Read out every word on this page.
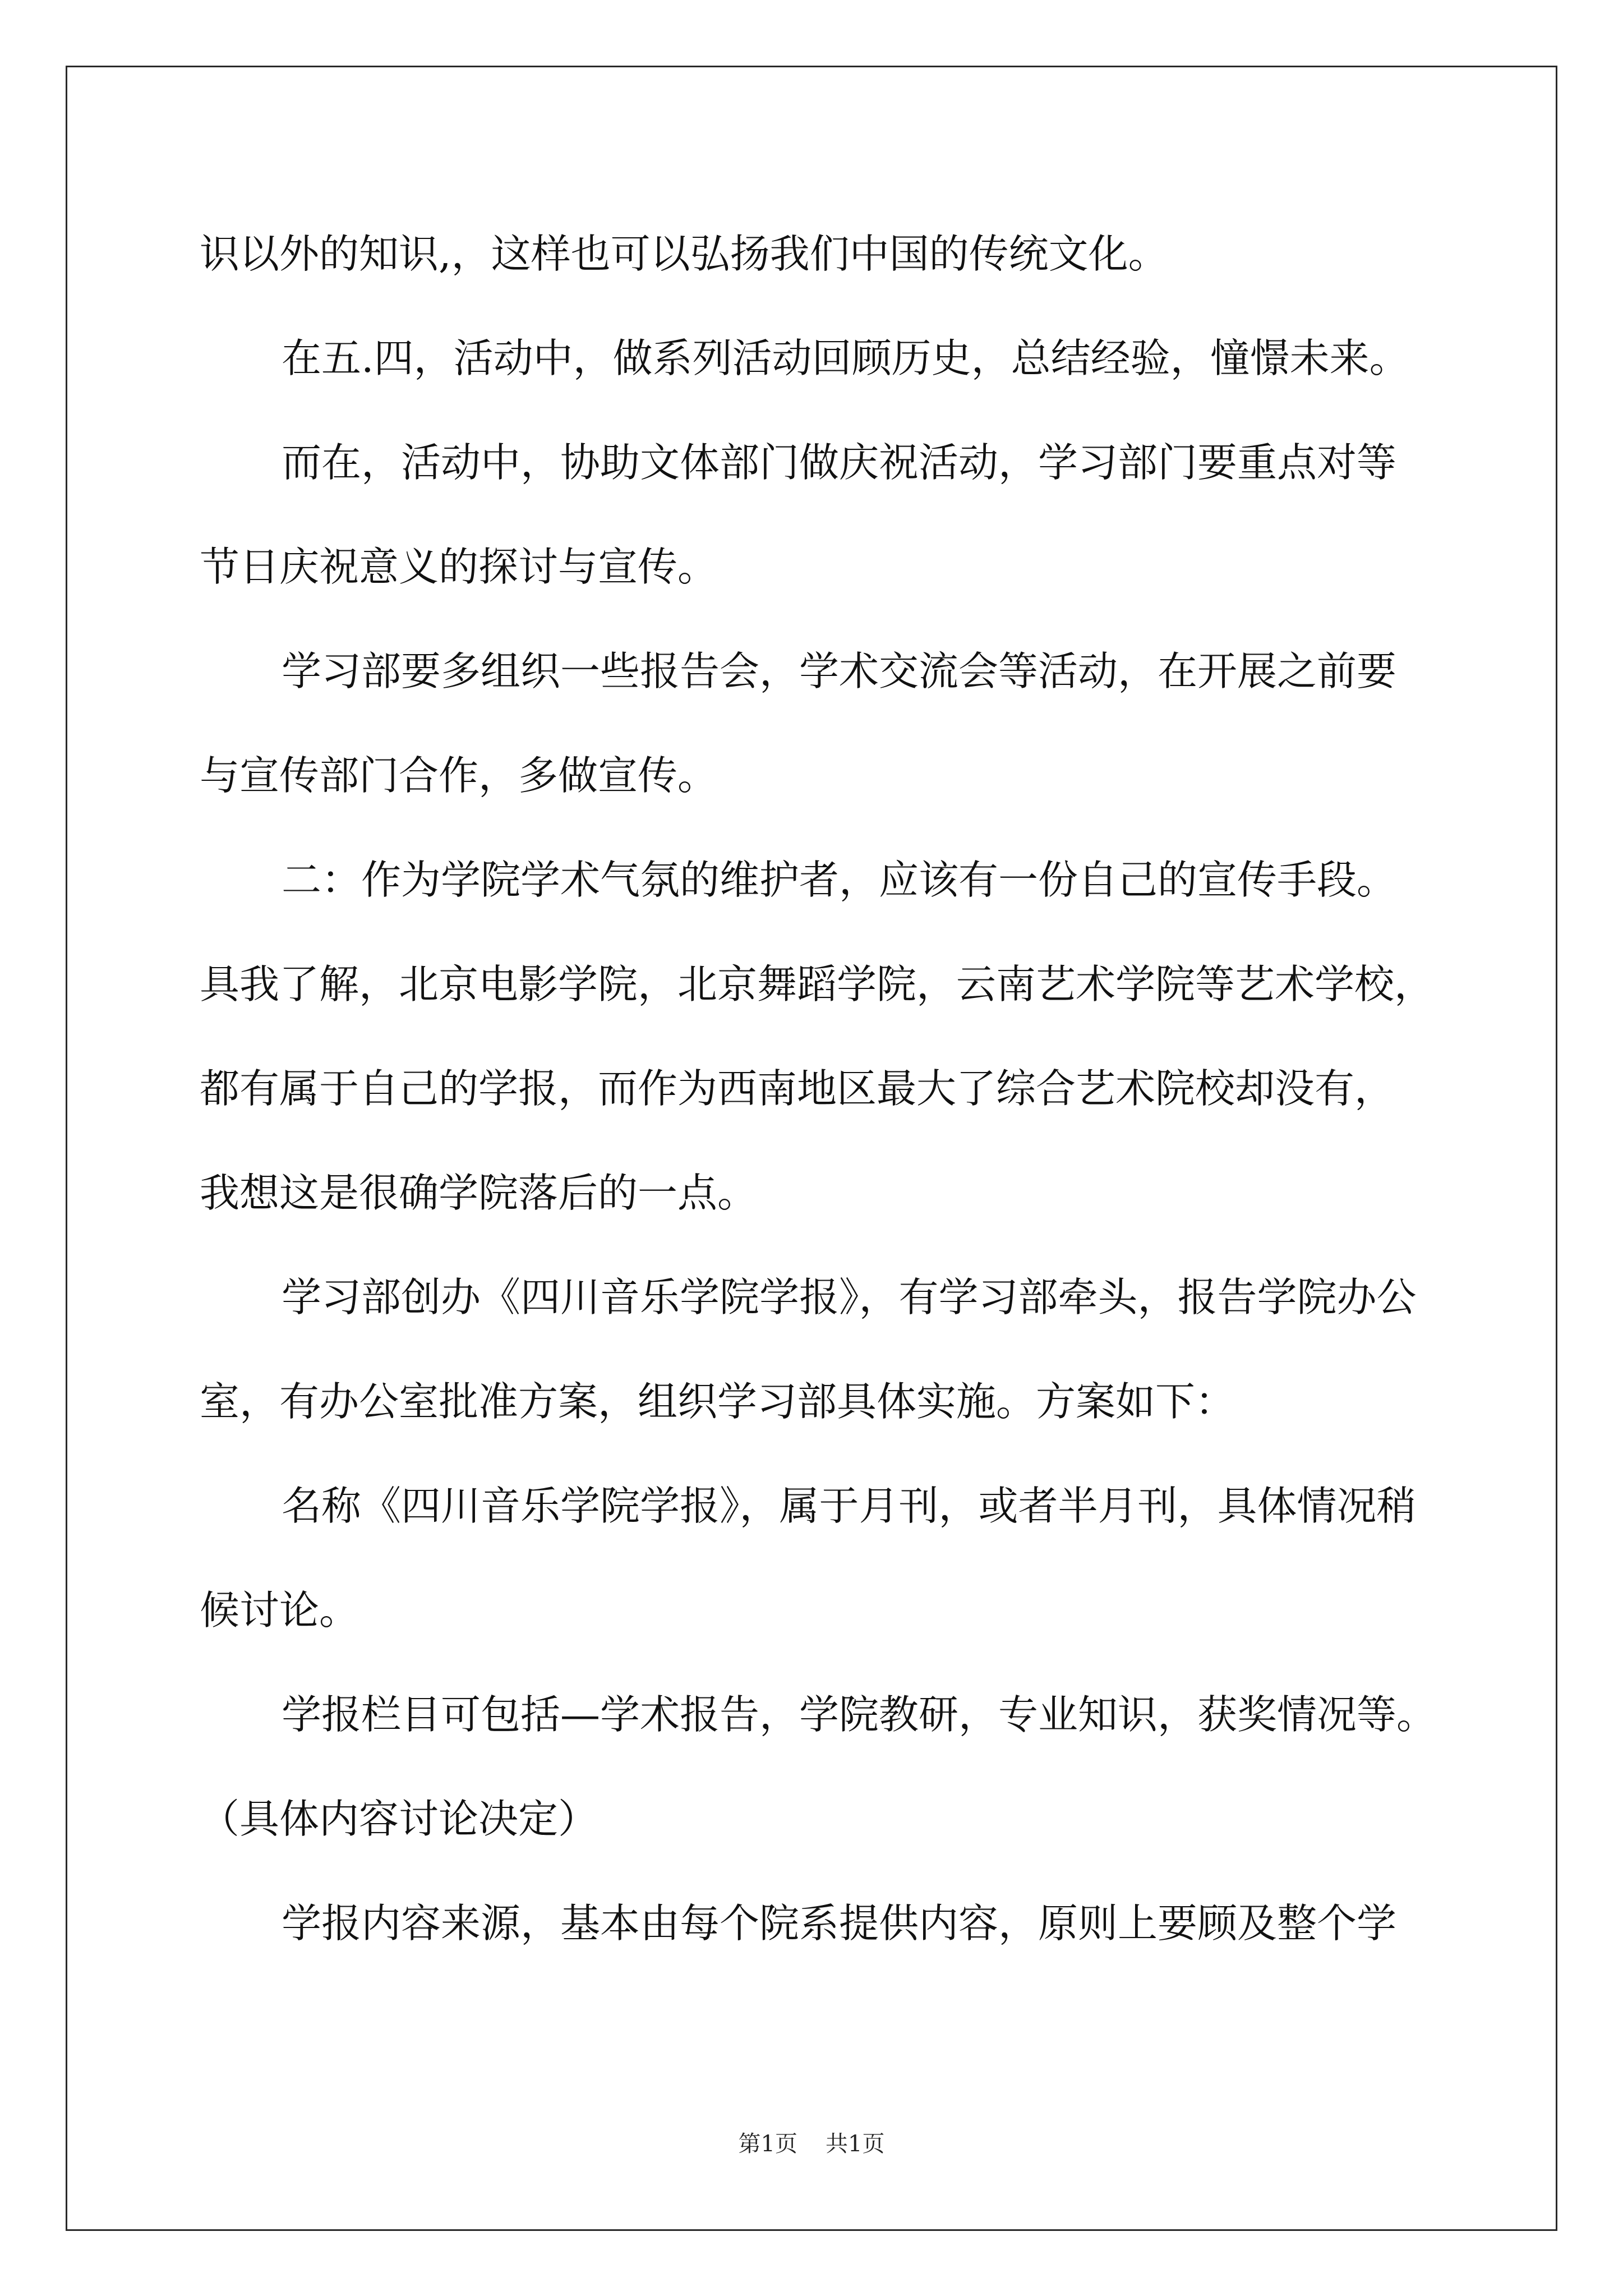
识以外的知识,，这样也可以弘扬我们中国的传统文化。

在五.四，活动中，做系列活动回顾历史，总结经验，憧憬未来。

而在，活动中，协助文体部门做庆祝活动，学习部门要重点对等

节日庆祝意义的探讨与宣传。

学习部要多组织一些报告会，学术交流会等活动，在开展之前要

与宣传部门合作，多做宣传。

二：作为学院学术气氛的维护者，应该有一份自己的宣传手段。

具我了解，北京电影学院，北京舞蹈学院，云南艺术学院等艺术学校，

都有属于自己的学报，而作为西南地区最大了综合艺术院校却没有，

我想这是很确学院落后的一点。

学习部创办《四川音乐学院学报》，有学习部牵头，报告学院办公

室，有办公室批准方案，组织学习部具体实施。方案如下：

名称《四川音乐学院学报》，属于月刊，或者半月刊，具体情况稍

候讨论。

学报栏目可包括—学术报告，学院教研，专业知识，获奖情况等。

（具体内容讨论决定）

学报内容来源，基本由每个院系提供内容，原则上要顾及整个学

第1页 共1页
